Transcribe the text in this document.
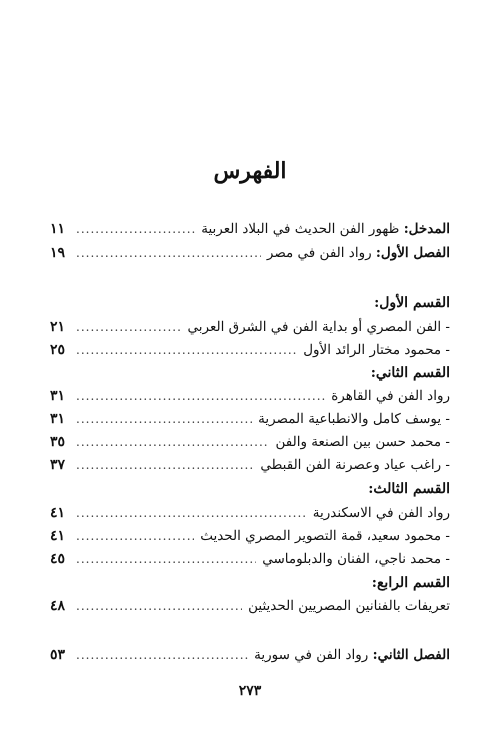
الفهرس
المدخل: ظهور الفن الحديث في البلاد العربية
.....
١١
الفصل الأول: رواد الفن في مصر
.....
١٩
القسم الأول:
- الفن المصري أو بداية الفن في الشرق العربي
.....
٢١
- محمود مختار الرائد الأول
.....
٢٥
القسم الثاني:
رواد الفن في القاهرة
.....
٣١
- يوسف كامل والانطباعية المصرية
.....
٣١
- محمد حسن بين الصنعة والفن
.....
٣٥
- راغب عياد وعصرنة الفن القبطي
.....
٣٧
القسم الثالث:
رواد الفن في الاسكندرية
.....
٤١
- محمود سعيد، قمة التصوير المصري الحديث
.....
٤١
- محمد ناجي، الفنان والدبلوماسي
.....
٤٥
القسم الرابع:
تعريفات بالفنانين المصريين الحديثين
.....
٤٨
الفصل الثاني: رواد الفن في سورية
.....
٥٣
٢٧٣
